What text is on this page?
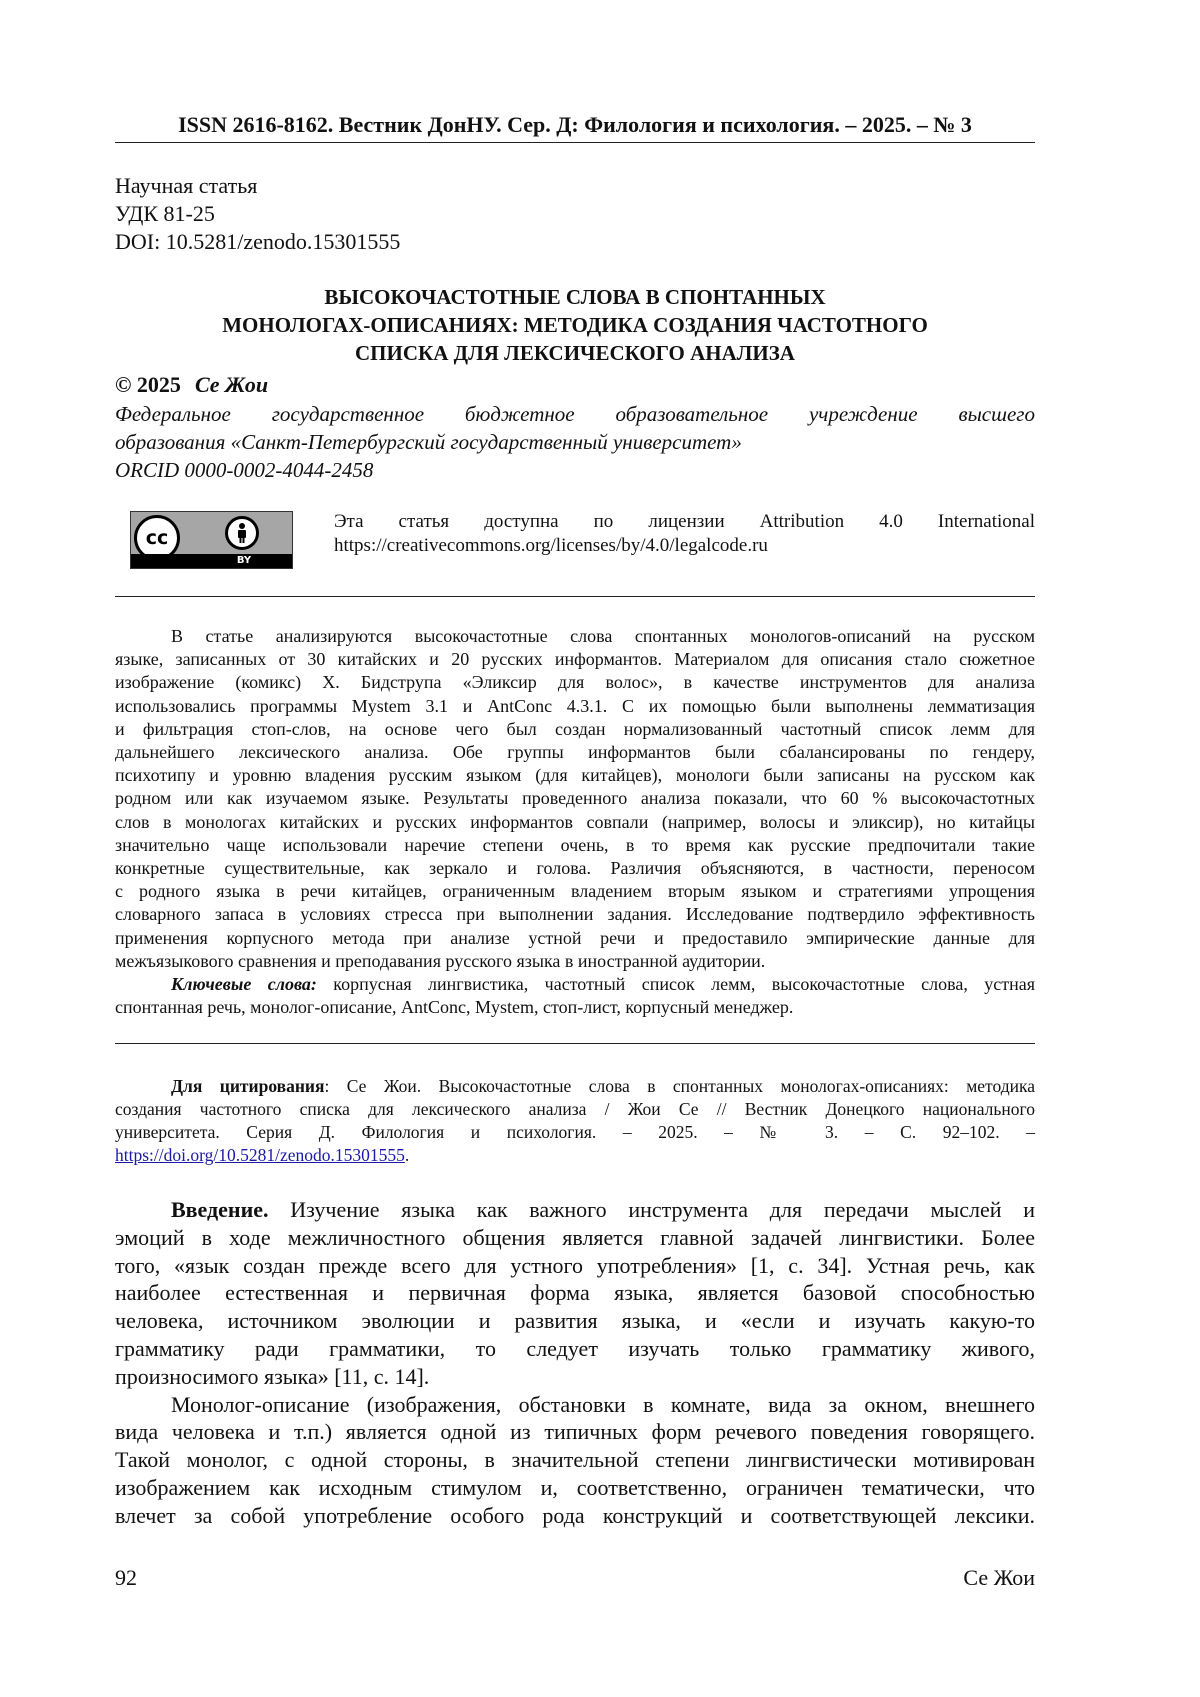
ISSN 2616-8162. Вестник ДонНУ. Сер. Д: Филология и психология. – 2025. – № 3
Научная статья
УДК 81-25
DOI: 10.5281/zenodo.15301555
ВЫСОКОЧАСТОТНЫЕ СЛОВА В СПОНТАННЫХ
МОНОЛОГАХ-ОПИСАНИЯХ: МЕТОДИКА СОЗДАНИЯ ЧАСТОТНОГО
СПИСКА ДЛЯ ЛЕКСИЧЕСКОГО АНАЛИЗА
© 2025 Се Жои
Федеральное государственное бюджетное образовательное учреждение высшего
образования «Санкт-Петербургский государственный университет»
ORCID 0000-0002-4044-2458
cc
BY
Эта статья доступна по лицензии Attribution 4.0 International
https://creativecommons.org/licenses/by/4.0/legalcode.ru
В статье анализируются высокочастотные слова спонтанных монологов-описаний на русском
языке, записанных от 30 китайских и 20 русских информантов. Материалом для описания стало сюжетное
изображение (комикс) Х. Бидструпа «Эликсир для волос», в качестве инструментов для анализа
использовались программы Mystem 3.1 и AntConc 4.3.1. С их помощью были выполнены лемматизация
и фильтрация стоп-слов, на основе чего был создан нормализованный частотный список лемм для
дальнейшего лексического анализа. Обе группы информантов были сбалансированы по гендеру,
психотипу и уровню владения русским языком (для китайцев), монологи были записаны на русском как
родном или как изучаемом языке. Результаты проведенного анализа показали, что 60 % высокочастотных
слов в монологах китайских и русских информантов совпали (например, волосы и эликсир), но китайцы
значительно чаще использовали наречие степени очень, в то время как русские предпочитали такие
конкретные существительные, как зеркало и голова. Различия объясняются, в частности, переносом
с родного языка в речи китайцев, ограниченным владением вторым языком и стратегиями упрощения
словарного запаса в условиях стресса при выполнении задания. Исследование подтвердило эффективность
применения корпусного метода при анализе устной речи и предоставило эмпирические данные для
межъязыкового сравнения и преподавания русского языка в иностранной аудитории.
Ключевые слова: корпусная лингвистика, частотный список лемм, высокочастотные слова, устная
спонтанная речь, монолог-описание, AntConc, Mystem, стоп-лист, корпусный менеджер.
Для цитирования: Се Жои. Высокочастотные слова в спонтанных монологах-описаниях: методика
создания частотного списка для лексического анализа / Жои Се // Вестник Донецкого национального
университета. Серия Д. Филология и психология. – 2025. – № 3. – С. 92–102. –
https://doi.org/10.5281/zenodo.15301555.
Введение. Изучение языка как важного инструмента для передачи мыслей и
эмоций в ходе межличностного общения является главной задачей лингвистики. Более
того, «язык создан прежде всего для устного употребления» [1, с. 34]. Устная речь, как
наиболее естественная и первичная форма языка, является базовой способностью
человека, источником эволюции и развития языка, и «если и изучать какую-то
грамматику ради грамматики, то следует изучать только грамматику живого,
произносимого языка» [11, с. 14].
Монолог-описание (изображения, обстановки в комнате, вида за окном, внешнего
вида человека и т.п.) является одной из типичных форм речевого поведения говорящего.
Такой монолог, с одной стороны, в значительной степени лингвистически мотивирован
изображением как исходным стимулом и, соответственно, ограничен тематически, что
влечет за собой употребление особого рода конструкций и соответствующей лексики.
92	Се Жои
